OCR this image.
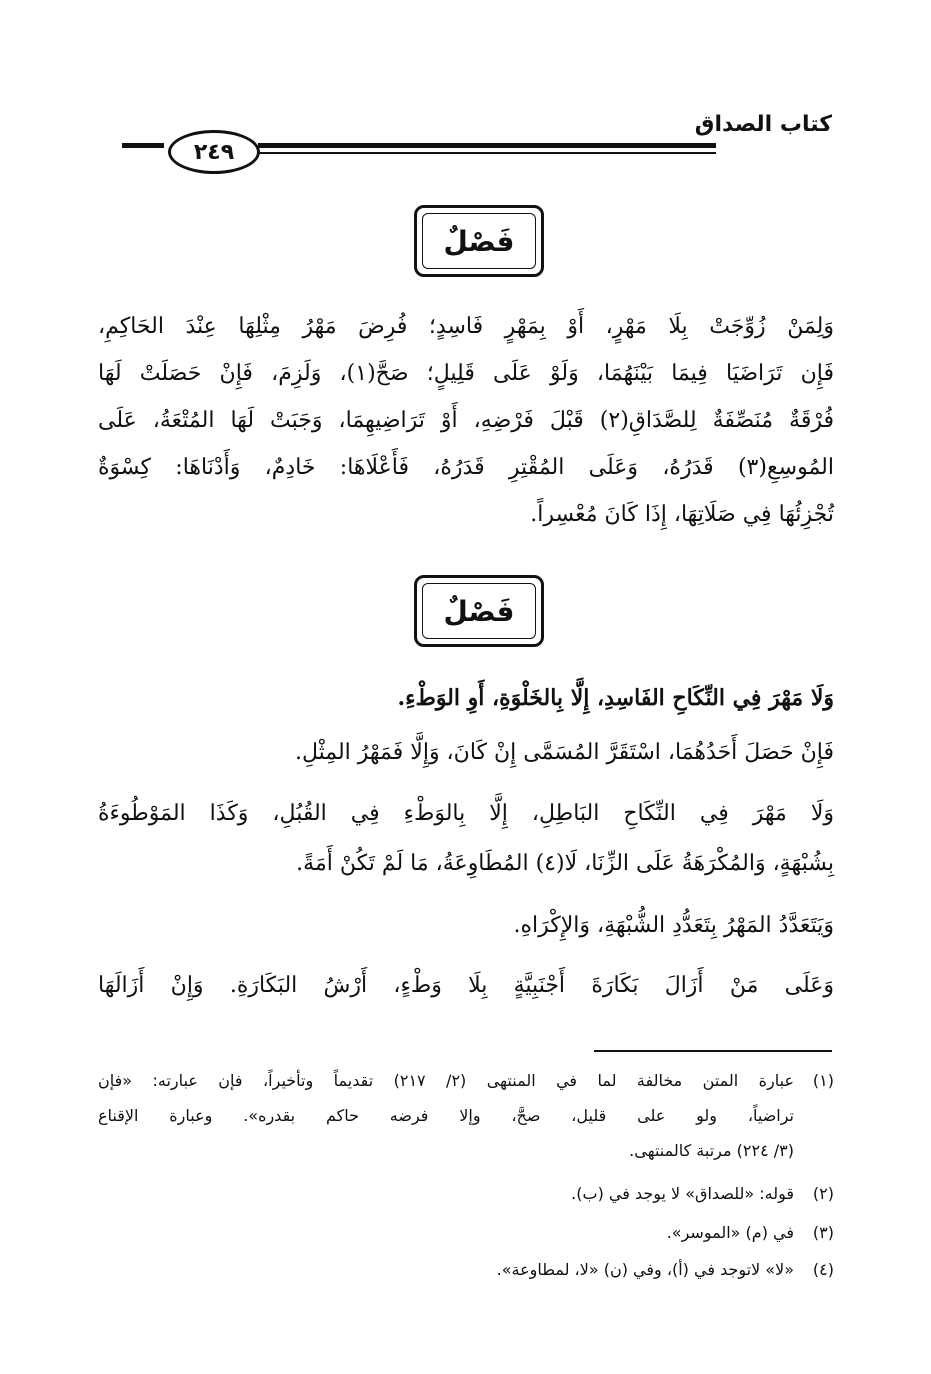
كتاب الصداق
٢٤٩
فَصْلٌ
وَلِمَنْ زُوِّجَتْ بِلَا مَهْرٍ، أَوْ بِمَهْرٍ فَاسِدٍ؛ فُرِضَ مَهْرُ مِثْلِهَا عِنْدَ الحَاكِمِ،
فَإِن تَرَاضَيَا فِيمَا بَيْنَهُمَا، وَلَوْ عَلَى قَلِيلٍ؛ صَحَّ(١)، وَلَزِمَ، فَإِنْ حَصَلَتْ لَهَا
فُرْقَةٌ مُنَصِّفَةٌ لِلصَّدَاقِ(٢) قَبْلَ فَرْضِهِ، أَوْ تَرَاضِيهِمَا، وَجَبَتْ لَهَا المُتْعَةُ، عَلَى
المُوسِعِ(٣) قَدَرُهُ، وَعَلَى المُقْتِرِ قَدَرُهُ، فَأَعْلَاهَا: خَادِمٌ، وَأَدْنَاهَا: كِسْوَةٌ
تُجْزِئُهَا فِي صَلَاتِهَا، إِذَا كَانَ مُعْسِراً.
فَصْلٌ
وَلَا مَهْرَ فِي النِّكَاحِ الفَاسِدِ، إِلَّا بِالخَلْوَةِ، أَوِ الوَطْءِ.
فَإِنْ حَصَلَ أَحَدُهُمَا، اسْتَقَرَّ المُسَمَّى إِنْ كَانَ، وَإِلَّا فَمَهْرُ المِثْلِ.
وَلَا مَهْرَ فِي النِّكَاحِ البَاطِلِ، إِلَّا بِالوَطْءِ فِي القُبُلِ، وَكَذَا المَوْطُوءَةُ
بِشُبْهَةٍ، وَالمُكْرَهَةُ عَلَى الزِّنَا، لَا(٤) المُطَاوِعَةُ، مَا لَمْ تَكُنْ أَمَةً.
وَيَتَعَدَّدُ المَهْرُ بِتَعَدُّدِ الشُّبْهَةِ، وَالإِكْرَاهِ.
وَعَلَى مَنْ أَزَالَ بَكَارَةَ أَجْنَبِيَّةٍ بِلَا وَطْءٍ، أَرْشُ البَكَارَةِ. وَإِنْ أَزَالَهَا
(١)عبارة المتن مخالفة لما في المنتهى (٢/ ٢١٧) تقديماً وتأخيراً، فإن عبارته: «فإن
تراضياً، ولو على قليل، صحَّ، وإلا فرضه حاكم بقدره». وعبارة الإقناع
(٣/ ٢٢٤) مرتبة كالمنتهى.
(٢)قوله: «للصداق» لا يوجد في (ب).
(٣)في (م) «الموسر».
(٤)«لا» لاتوجد في (أ)، وفي (ن) «لا، لمطاوعة».
